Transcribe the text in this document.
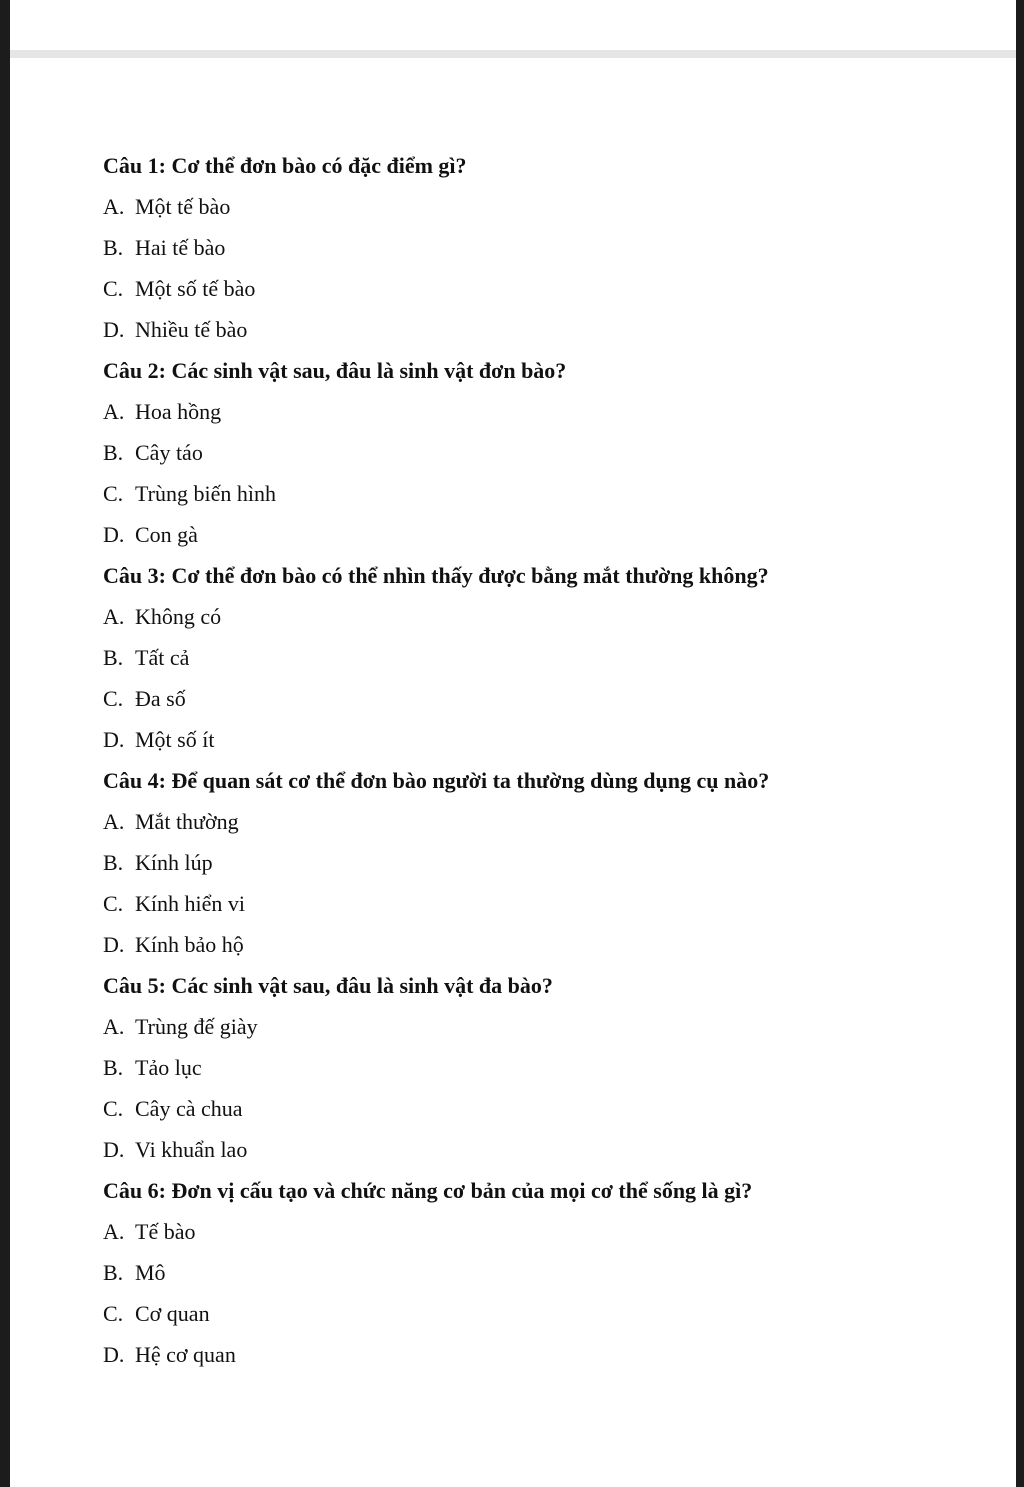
Câu 1: Cơ thể đơn bào có đặc điểm gì?
A. Một tế bào
B. Hai tế bào
C. Một số tế bào
D. Nhiều tế bào
Câu 2: Các sinh vật sau, đâu là sinh vật đơn bào?
A. Hoa hồng
B. Cây táo
C. Trùng biến hình
D. Con gà
Câu 3: Cơ thể đơn bào có thể nhìn thấy được bằng mắt thường không?
A. Không có
B. Tất cả
C. Đa số
D. Một số ít
Câu 4: Để quan sát cơ thể đơn bào người ta thường dùng dụng cụ nào?
A. Mắt thường
B. Kính lúp
C. Kính hiển vi
D. Kính bảo hộ
Câu 5: Các sinh vật sau, đâu là sinh vật đa bào?
A. Trùng đế giày
B. Tảo lục
C. Cây cà chua
D. Vi khuẩn lao
Câu 6: Đơn vị cấu tạo và chức năng cơ bản của mọi cơ thể sống là gì?
A. Tế bào
B. Mô
C. Cơ quan
D. Hệ cơ quan
